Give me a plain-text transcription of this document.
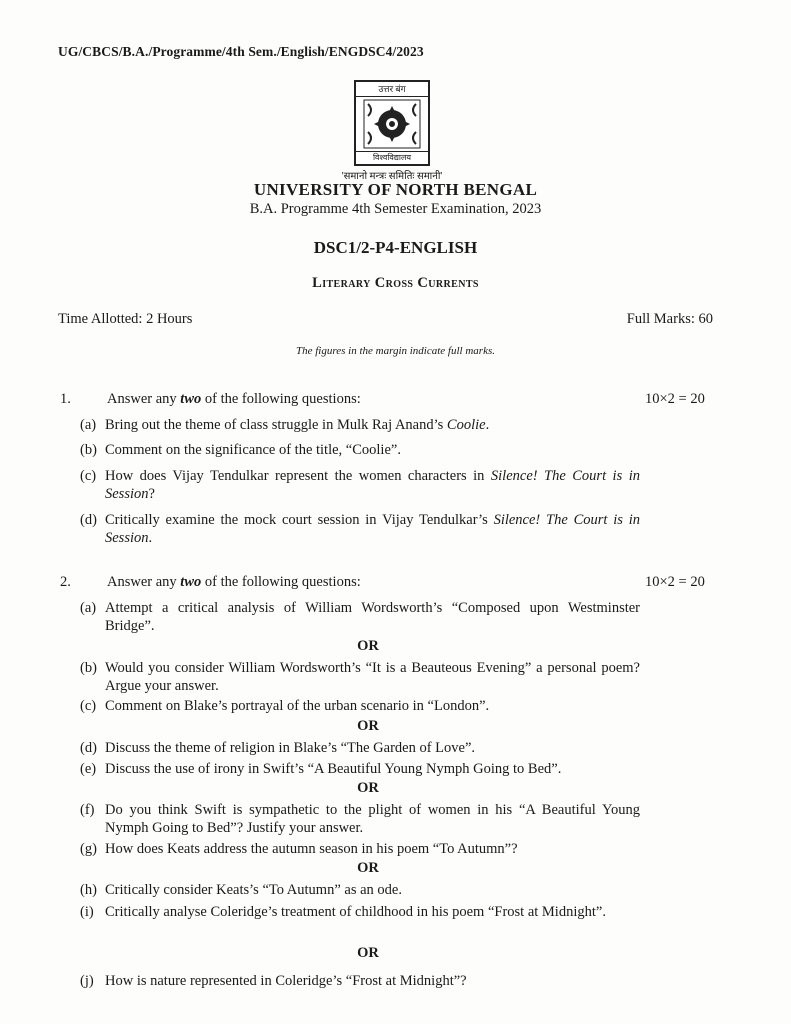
UG/CBCS/B.A./Programme/4th Sem./English/ENGDSC4/2023
उत्तर बंग
विश्वविद्यालय
'समानो मन्त्रः समितिः समानी'
UNIVERSITY OF NORTH BENGAL
B.A. Programme 4th Semester Examination, 2023
DSC1/2-P4-ENGLISH
Literary Cross Currents
Time Allotted: 2 Hours	Full Marks: 60
The figures in the margin indicate full marks.
1. Answer any two of the following questions:	10×2 = 20
(a) Bring out the theme of class struggle in Mulk Raj Anand’s Coolie.
(b) Comment on the significance of the title, “Coolie”.
(c) How does Vijay Tendulkar represent the women characters in Silence! The Court is in Session?
(d) Critically examine the mock court session in Vijay Tendulkar’s Silence! The Court is in Session.
2. Answer any two of the following questions:	10×2 = 20
(a) Attempt a critical analysis of William Wordsworth’s “Composed upon Westminster Bridge”.
OR
(b) Would you consider William Wordsworth’s “It is a Beauteous Evening” a personal poem? Argue your answer.
(c) Comment on Blake’s portrayal of the urban scenario in “London”.
OR
(d) Discuss the theme of religion in Blake’s “The Garden of Love”.
(e) Discuss the use of irony in Swift’s “A Beautiful Young Nymph Going to Bed”.
OR
(f) Do you think Swift is sympathetic to the plight of women in his “A Beautiful Young Nymph Going to Bed”? Justify your answer.
(g) How does Keats address the autumn season in his poem “To Autumn”?
OR
(h) Critically consider Keats’s “To Autumn” as an ode.
(i) Critically analyse Coleridge’s treatment of childhood in his poem “Frost at Midnight”.
OR
(j) How is nature represented in Coleridge’s “Frost at Midnight”?
